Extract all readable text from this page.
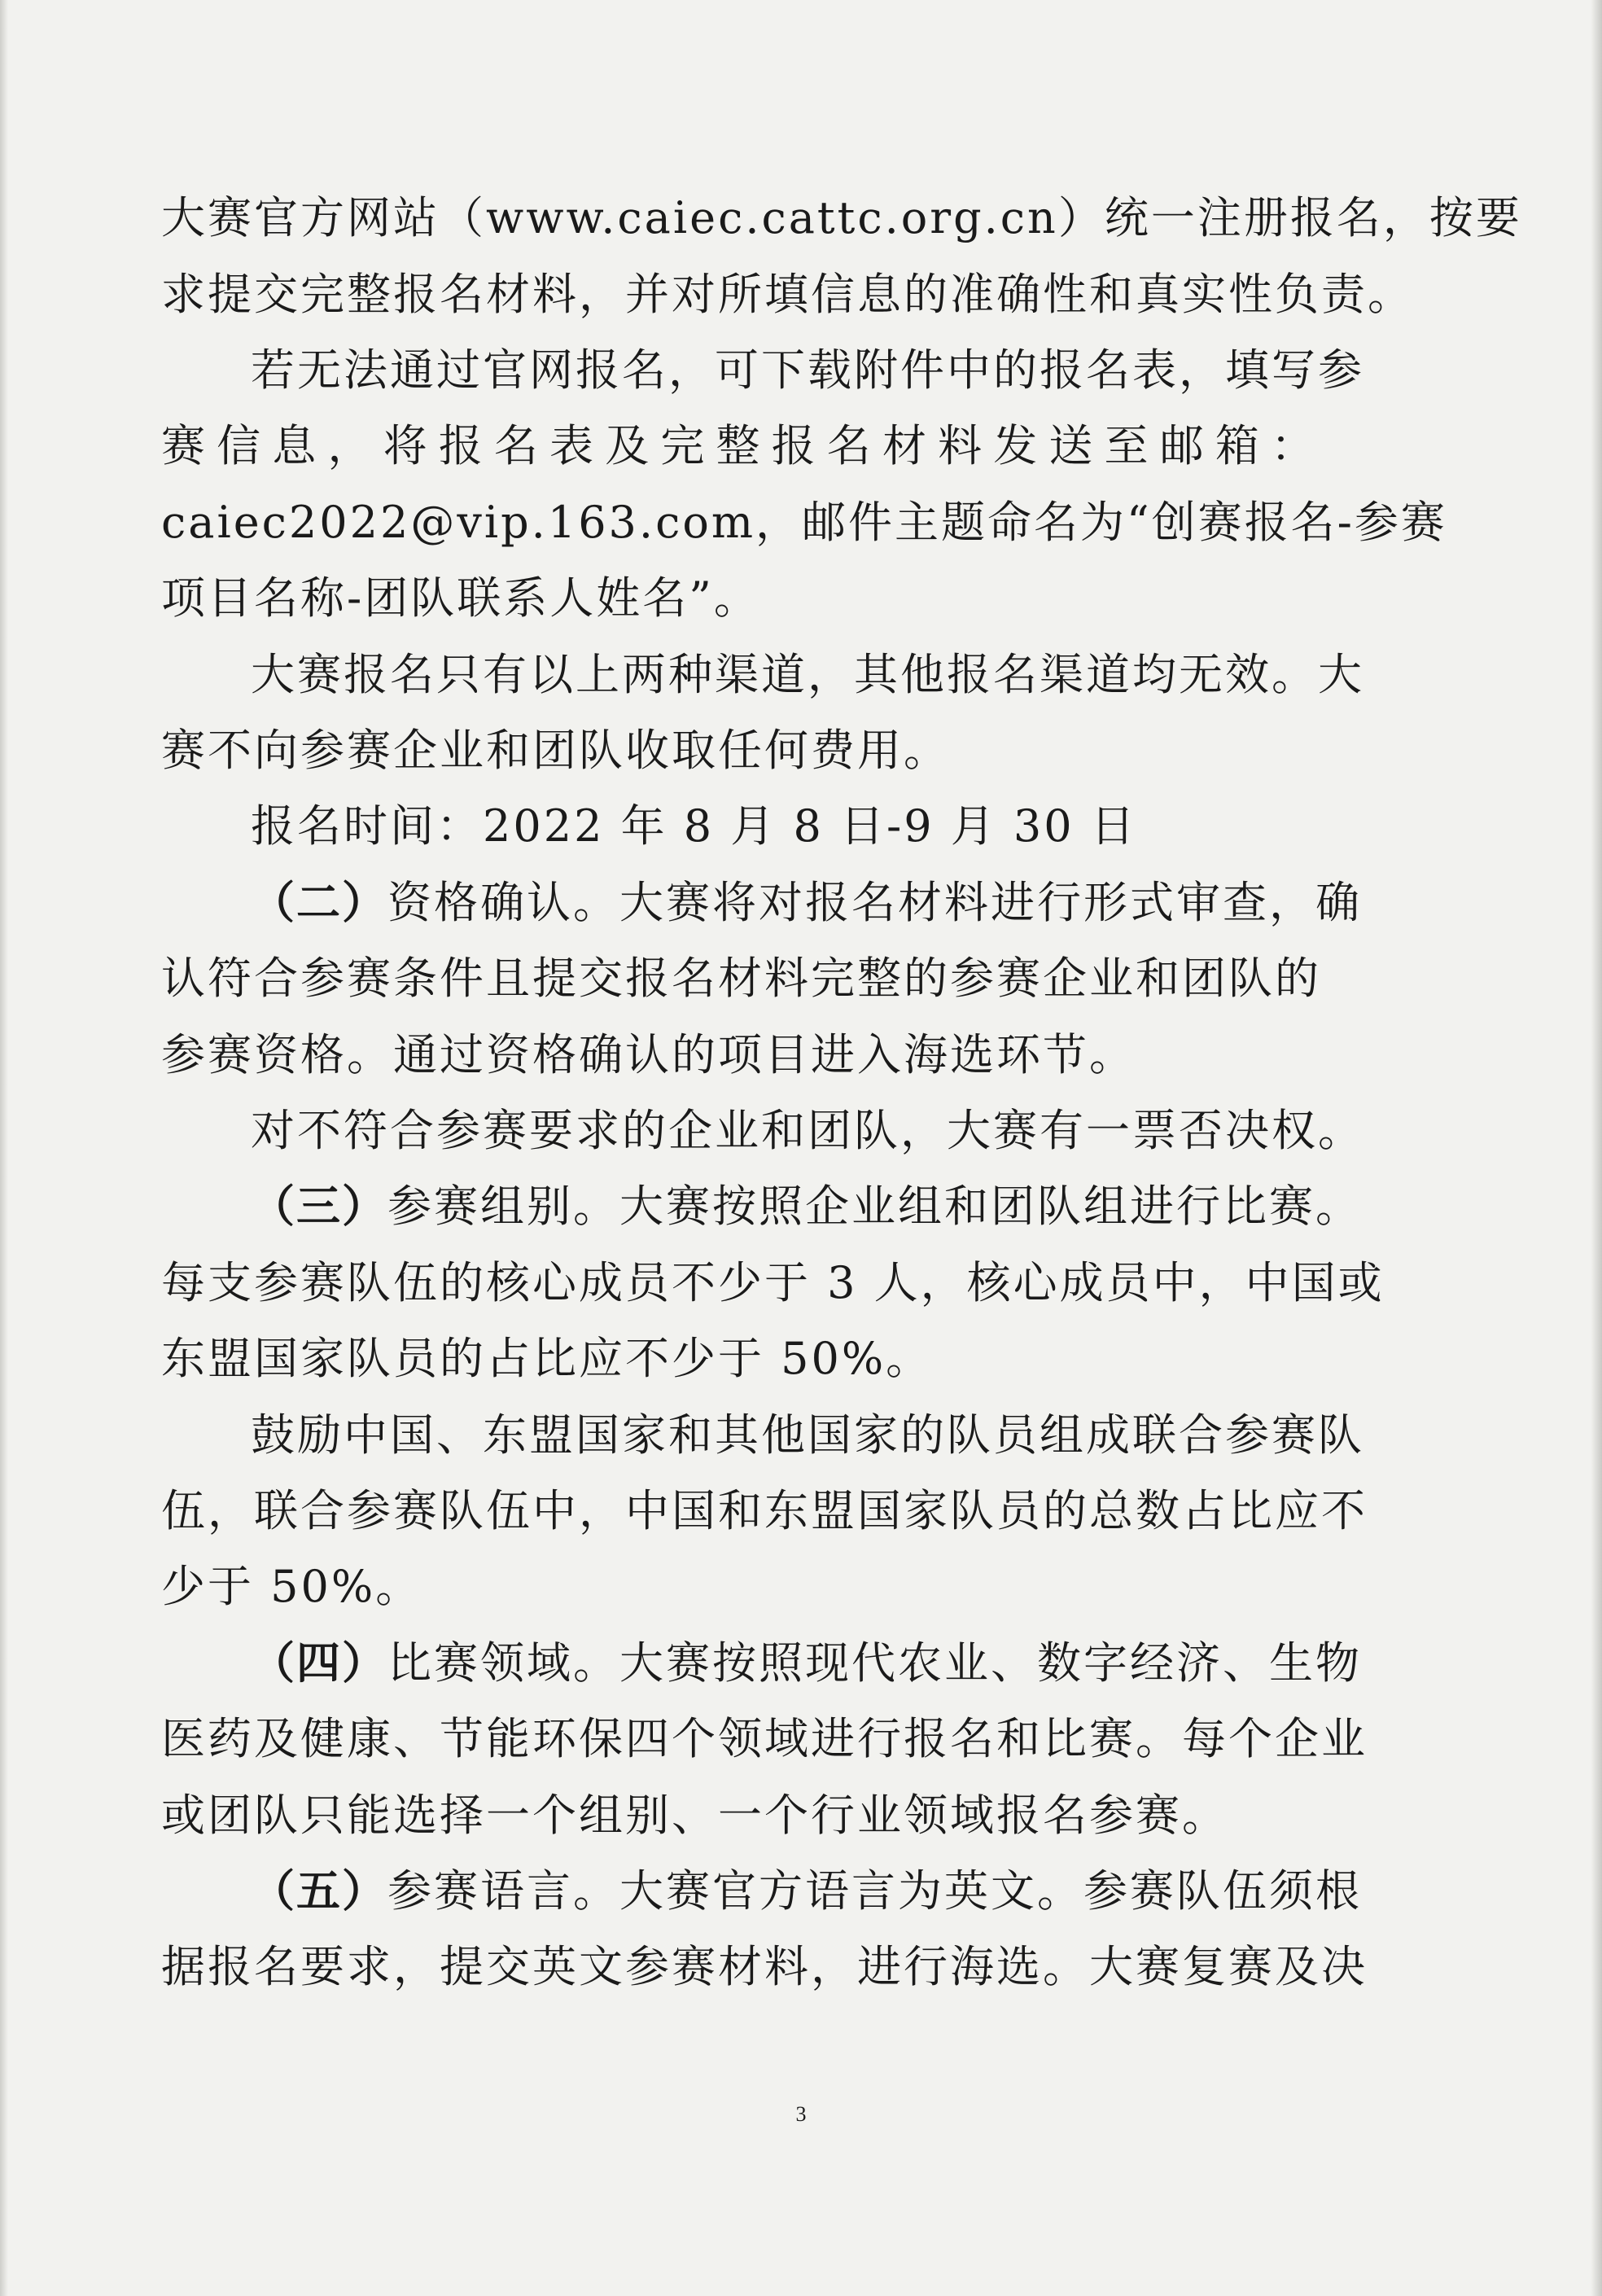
大赛官方网站（www.caiec.cattc.org.cn）统一注册报名，按要
求提交完整报名材料，并对所填信息的准确性和真实性负责。
若无法通过官网报名，可下载附件中的报名表，填写参
赛信息，将报名表及完整报名材料发送至邮箱：
caiec2022@vip.163.com，邮件主题命名为“创赛报名-参赛
项目名称-团队联系人姓名”。
大赛报名只有以上两种渠道，其他报名渠道均无效。大
赛不向参赛企业和团队收取任何费用。
报名时间：2022 年 8 月 8 日-9 月 30 日
（二）资格确认。大赛将对报名材料进行形式审查，确
认符合参赛条件且提交报名材料完整的参赛企业和团队的
参赛资格。通过资格确认的项目进入海选环节。
对不符合参赛要求的企业和团队，大赛有一票否决权。
（三）参赛组别。大赛按照企业组和团队组进行比赛。
每支参赛队伍的核心成员不少于 3 人，核心成员中，中国或
东盟国家队员的占比应不少于 50%。
鼓励中国、东盟国家和其他国家的队员组成联合参赛队
伍，联合参赛队伍中，中国和东盟国家队员的总数占比应不
少于 50%。
（四）比赛领域。大赛按照现代农业、数字经济、生物
医药及健康、节能环保四个领域进行报名和比赛。每个企业
或团队只能选择一个组别、一个行业领域报名参赛。
（五）参赛语言。大赛官方语言为英文。参赛队伍须根
据报名要求，提交英文参赛材料，进行海选。大赛复赛及决
3
